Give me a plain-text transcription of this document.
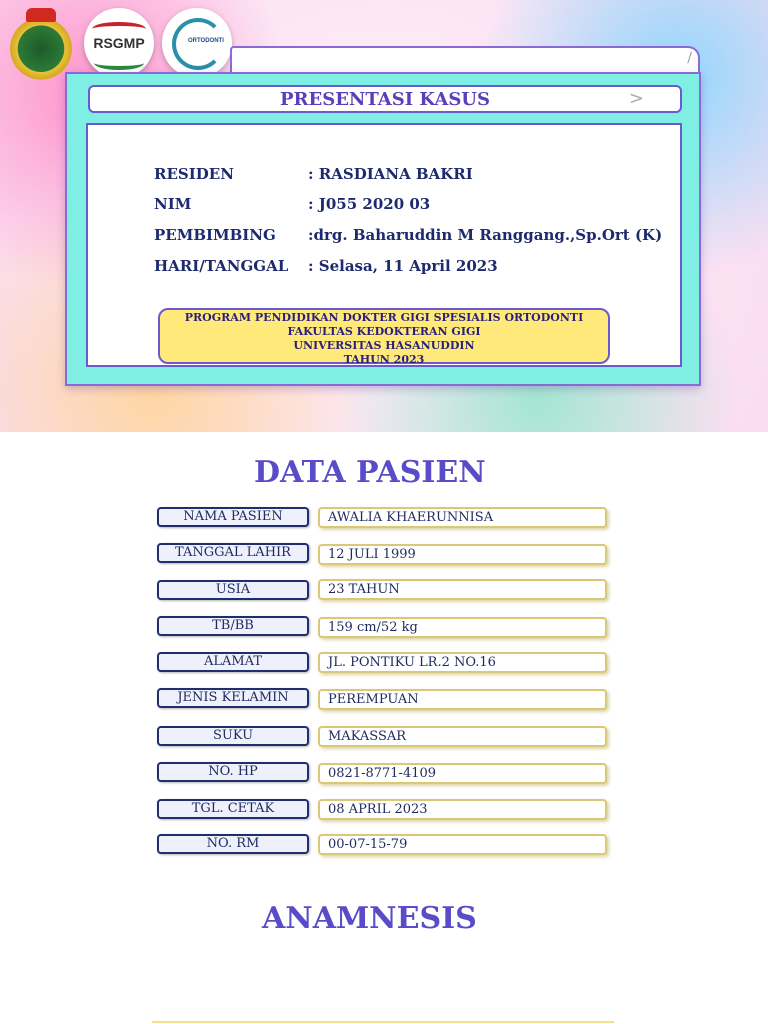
RSGMP	ORTODONTI
∕
PRESENTASI KASUS	>
RESIDEN	: RASDIANA BAKRI
NIM	: J055 2020 03
PEMBIMBING :drg. Baharuddin M Ranggang.,Sp.Ort (K)
HARI/TANGGAL : Selasa, 11 April 2023
PROGRAM PENDIDIKAN DOKTER GIGI SPESIALIS ORTODONTI
FAKULTAS KEDOKTERAN GIGI
UNIVERSITAS HASANUDDIN
TAHUN 2023
DATA PASIEN
NAMA PASIEN	AWALIA KHAERUNNISA
TANGGAL LAHIR	12 JULI 1999
USIA	23 TAHUN
TB/BB	159 cm/52 kg
ALAMAT	JL. PONTIKU LR.2 NO.16
JENIS KELAMIN	PEREMPUAN
SUKU	MAKASSAR
NO. HP	0821-8771-4109
TGL. CETAK	08 APRIL 2023
NO. RM	00-07-15-79
ANAMNESIS
